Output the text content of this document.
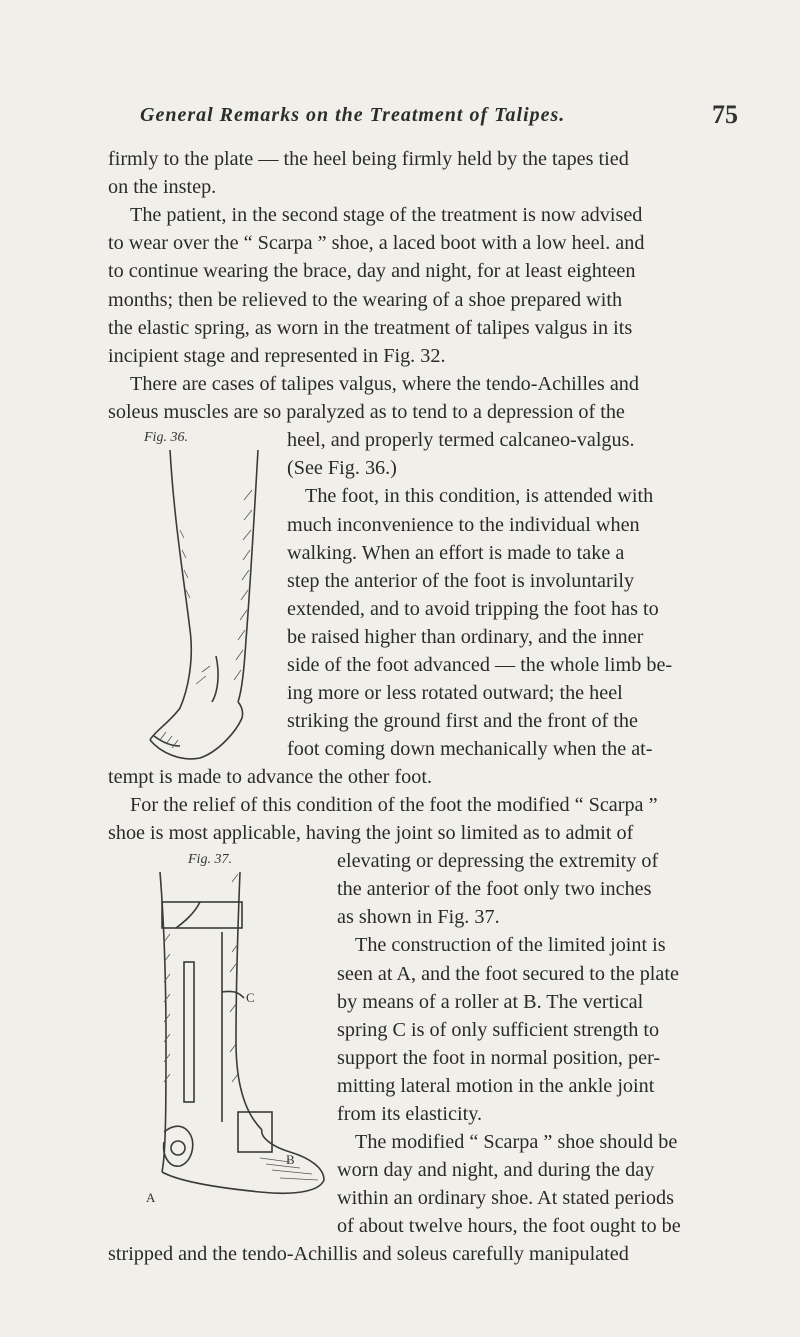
General Remarks on the Treatment of Talipes.	75
firmly to the plate — the heel being firmly held by the tapes tied
on the instep.
The patient, in the second stage of the treatment is now advised
to wear over the “ Scarpa ” shoe, a laced boot with a low heel. and
to continue wearing the brace, day and night, for at least eighteen
months; then be relieved to the wearing of a shoe prepared with
the elastic spring, as worn in the treatment of talipes valgus in its
incipient stage and represented in Fig. 32.
There are cases of talipes valgus, where the tendo-Achilles and
soleus muscles are so paralyzed as to tend to a depression of the
Fig. 36.	heel, and properly termed calcaneo-valgus.
(See Fig. 36.)
The foot, in this condition, is attended with
much inconvenience to the individual when
walking. When an effort is made to take a
step the anterior of the foot is involuntarily
extended, and to avoid tripping the foot has to
be raised higher than ordinary, and the inner
side of the foot advanced — the whole limb be-
ing more or less rotated outward; the heel
striking the ground first and the front of the
foot coming down mechanically when the at-
tempt is made to advance the other foot.
For the relief of this condition of the foot the modified “ Scarpa ”
shoe is most applicable, having the joint so limited as to admit of
Fig. 37.	elevating or depressing the extremity of
the anterior of the foot only two inches
as shown in Fig. 37.
The construction of the limited joint is
seen at A, and the foot secured to the plate
by means of a roller at B. The vertical
spring C is of only sufficient strength to
support the foot in normal position, per-
mitting lateral motion in the ankle joint
from its elasticity.
The modified “ Scarpa ” shoe should be
worn day and night, and during the day
within an ordinary shoe. At stated periods
of about twelve hours, the foot ought to be
stripped and the tendo-Achillis and soleus carefully manipulated
C
B
A
